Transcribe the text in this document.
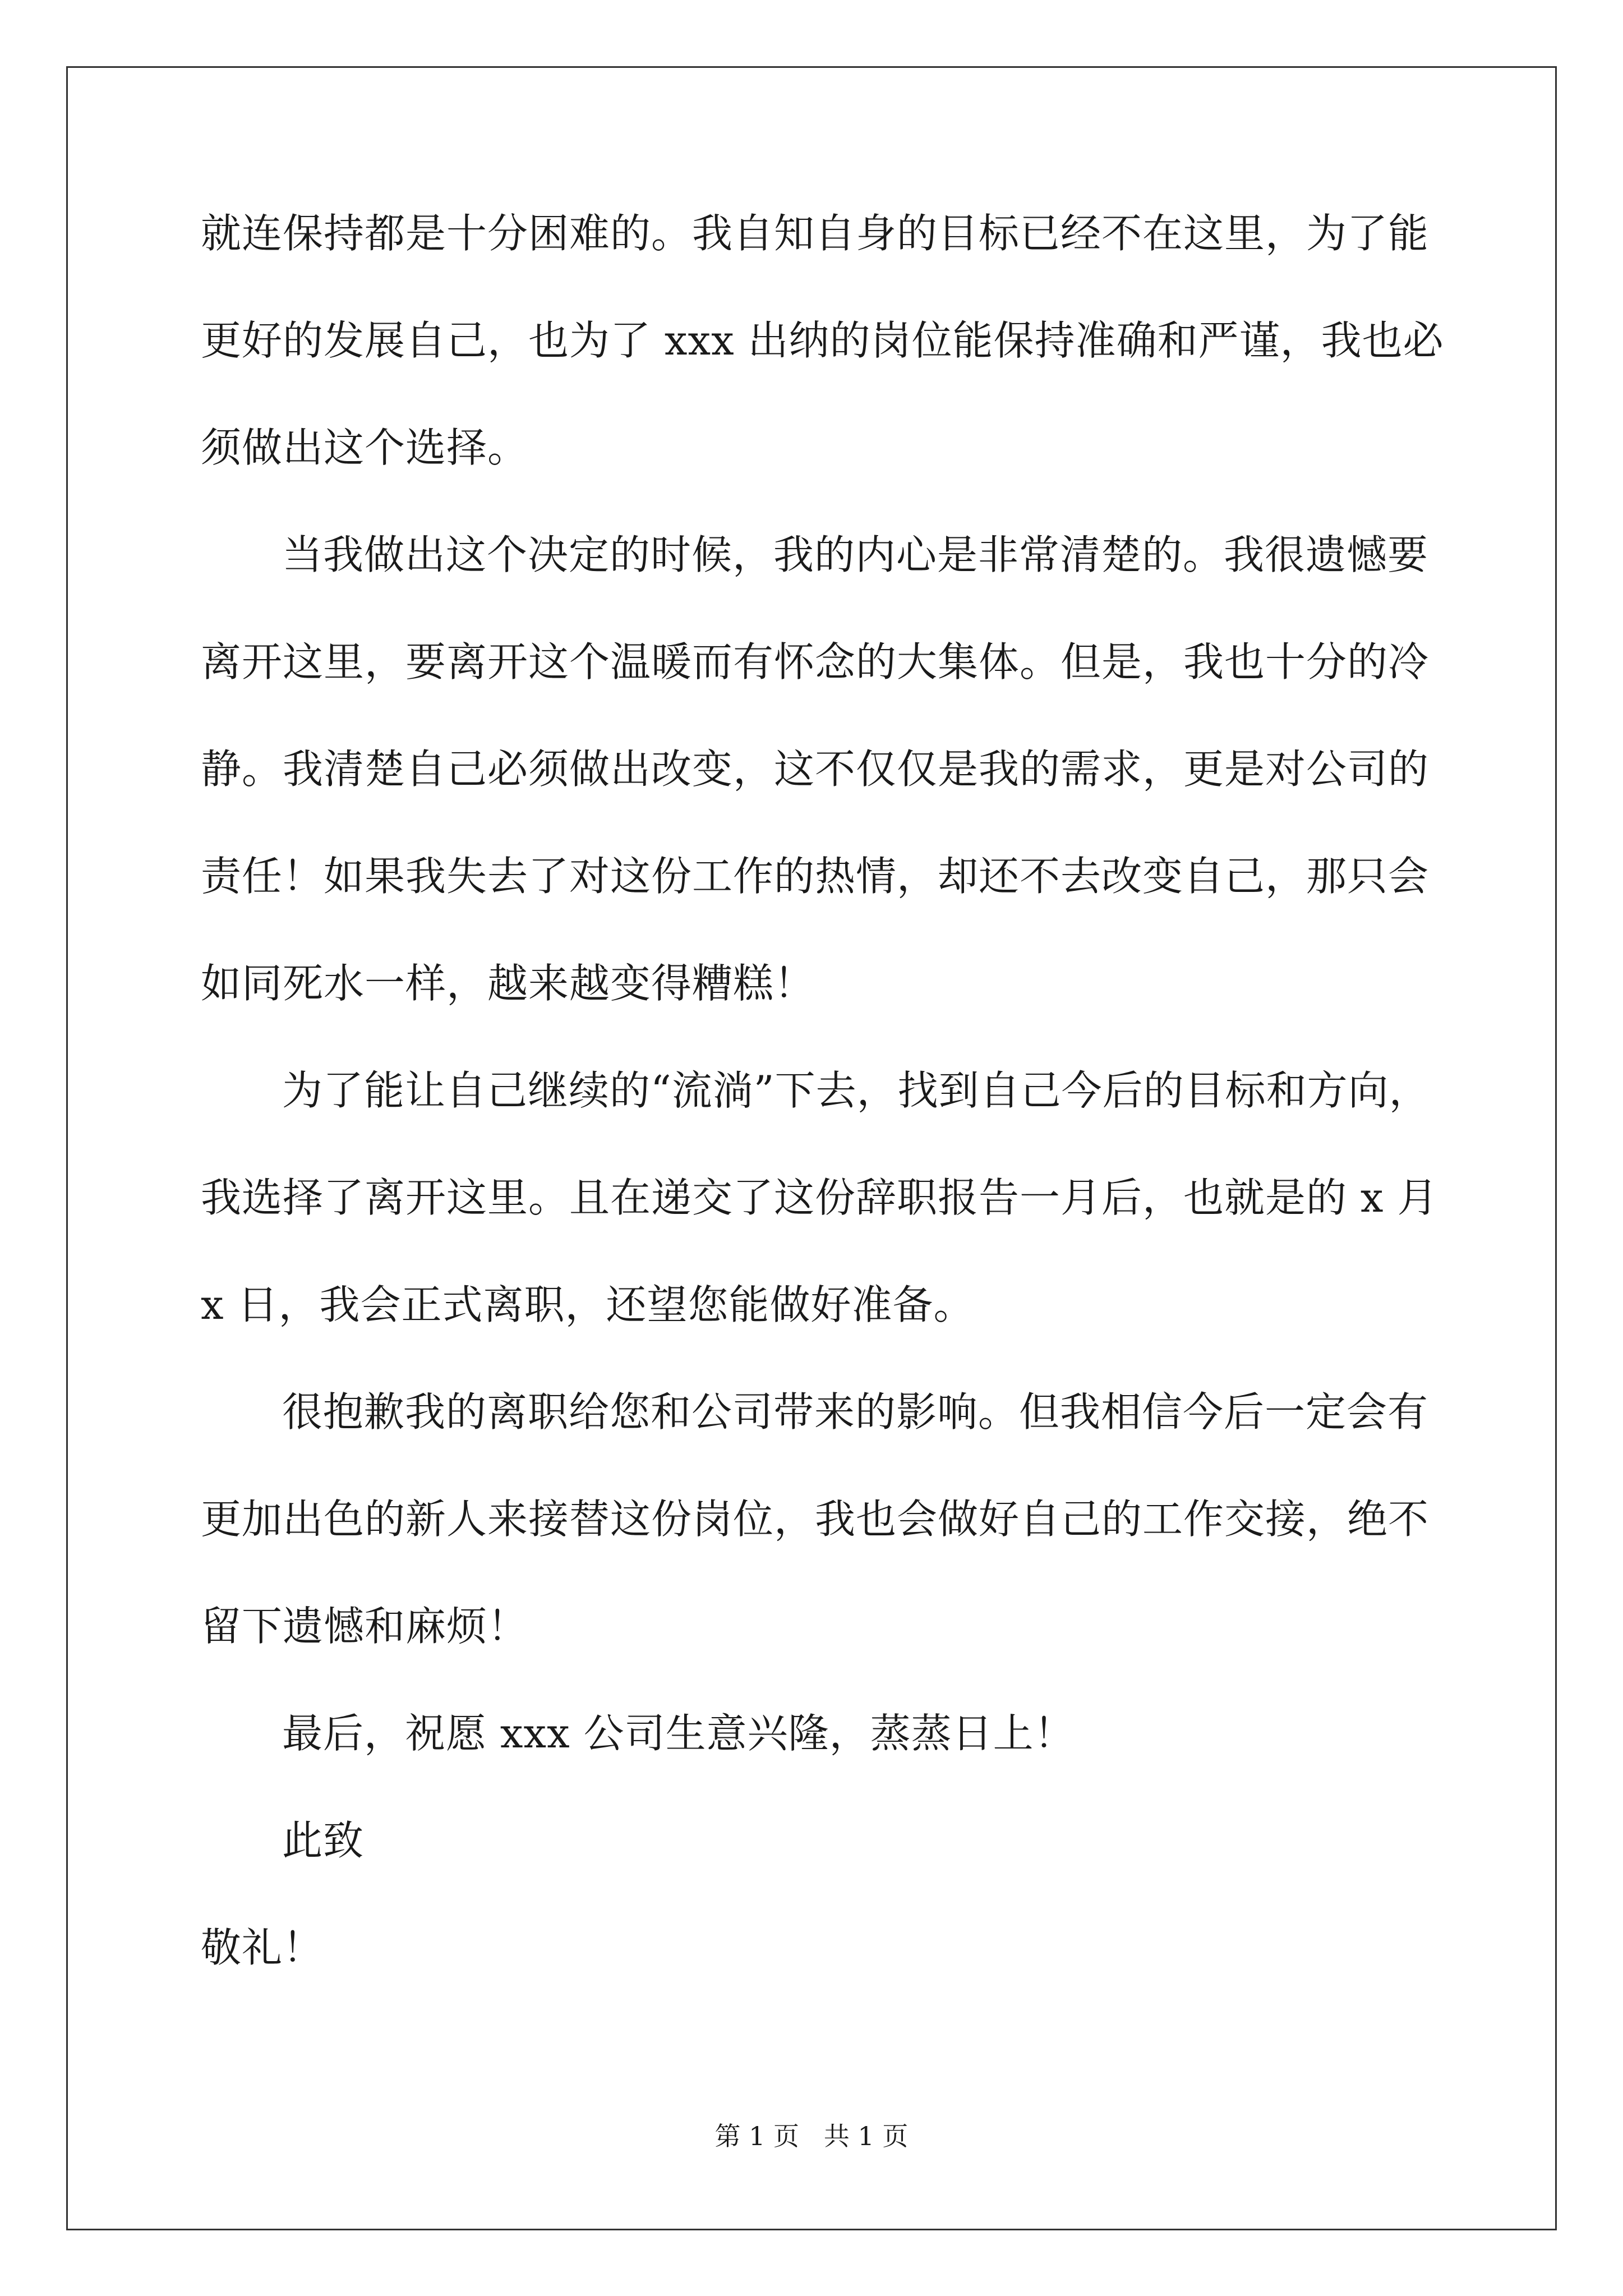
就连保持都是十分困难的。我自知自身的目标已经不在这里，为了能
更好的发展自己，也为了 xxx 出纳的岗位能保持准确和严谨，我也必
须做出这个选择。
当我做出这个决定的时候，我的内心是非常清楚的。我很遗憾要
离开这里，要离开这个温暖而有怀念的大集体。但是，我也十分的冷
静。我清楚自己必须做出改变，这不仅仅是我的需求，更是对公司的
责任！如果我失去了对这份工作的热情，却还不去改变自己，那只会
如同死水一样，越来越变得糟糕！
为了能让自己继续的“流淌”下去，找到自己今后的目标和方向，
我选择了离开这里。且在递交了这份辞职报告一月后，也就是的 x 月
x 日，我会正式离职，还望您能做好准备。
很抱歉我的离职给您和公司带来的影响。但我相信今后一定会有
更加出色的新人来接替这份岗位，我也会做好自己的工作交接，绝不
留下遗憾和麻烦！
最后，祝愿 xxx 公司生意兴隆，蒸蒸日上！
此致
敬礼！
第 1 页   共 1 页
